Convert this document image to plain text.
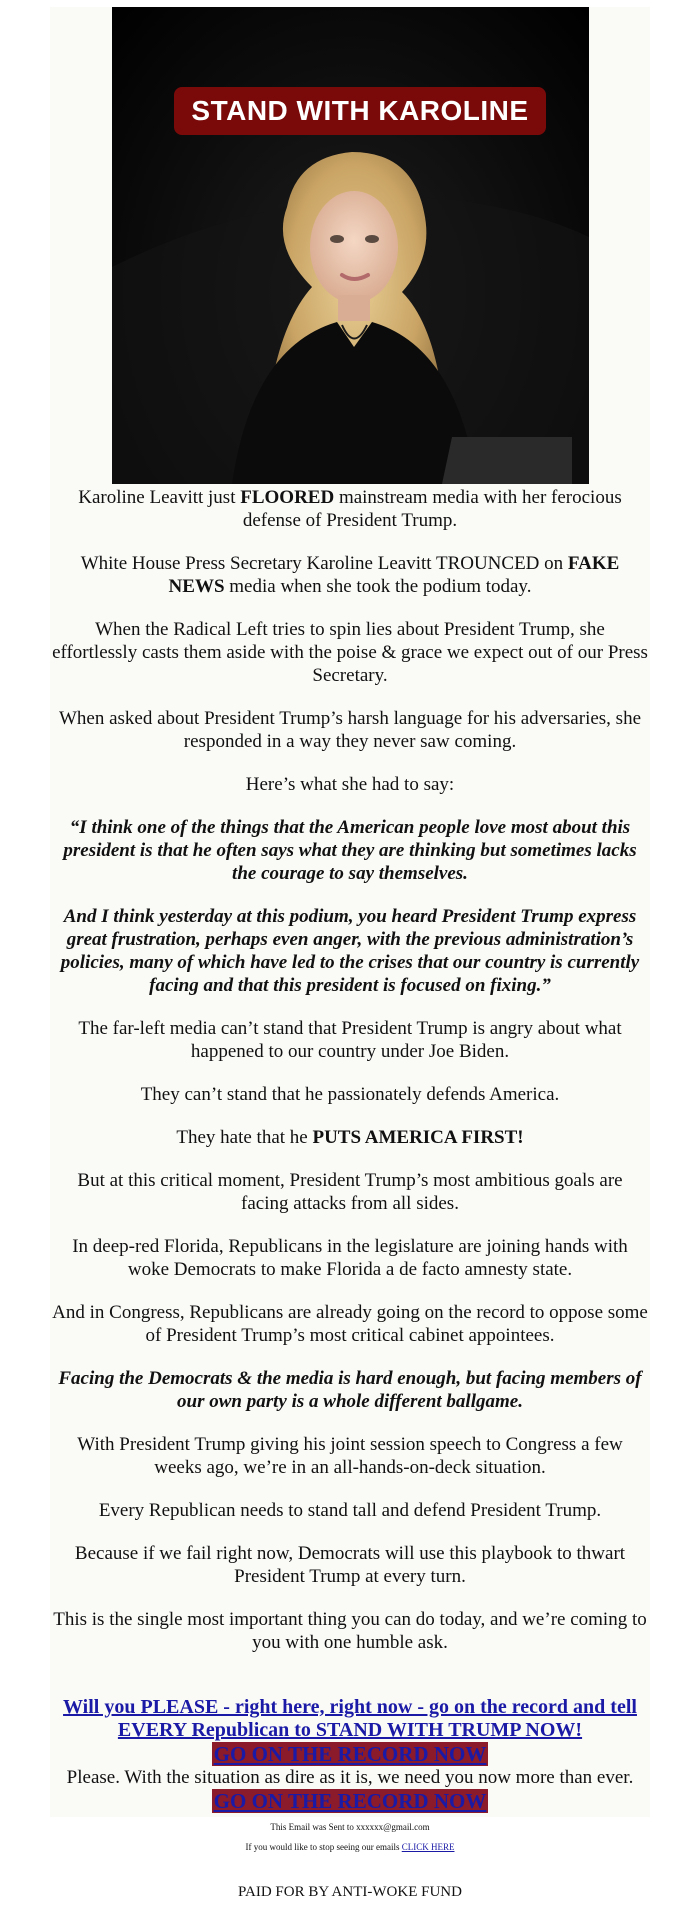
STAND WITH KAROLINE

Karoline Leavitt just FLOORED mainstream media with her ferocious defense of President Trump.

White House Press Secretary Karoline Leavitt TROUNCED on FAKE NEWS media when she took the podium today.

When the Radical Left tries to spin lies about President Trump, she effortlessly casts them aside with the poise & grace we expect out of our Press Secretary.

When asked about President Trump’s harsh language for his adversaries, she responded in a way they never saw coming.

Here’s what she had to say:

“I think one of the things that the American people love most about this president is that he often says what they are thinking but sometimes lacks the courage to say themselves.

And I think yesterday at this podium, you heard President Trump express great frustration, perhaps even anger, with the previous administration’s policies, many of which have led to the crises that our country is currently facing and that this president is focused on fixing.”

The far-left media can’t stand that President Trump is angry about what happened to our country under Joe Biden.

They can’t stand that he passionately defends America.

They hate that he PUTS AMERICA FIRST!

But at this critical moment, President Trump’s most ambitious goals are facing attacks from all sides.

In deep-red Florida, Republicans in the legislature are joining hands with woke Democrats to make Florida a de facto amnesty state.

And in Congress, Republicans are already going on the record to oppose some of President Trump’s most critical cabinet appointees.

Facing the Democrats & the media is hard enough, but facing members of our own party is a whole different ballgame.

With President Trump giving his joint session speech to Congress a few weeks ago, we’re in an all-hands-on-deck situation.

Every Republican needs to stand tall and defend President Trump.

Because if we fail right now, Democrats will use this playbook to thwart President Trump at every turn.

This is the single most important thing you can do today, and we’re coming to you with one humble ask.

Will you PLEASE - right here, right now - go on the record and tell EVERY Republican to STAND WITH TRUMP NOW!
GO ON THE RECORD NOW

Please. With the situation as dire as it is, we need you now more than ever.

GO ON THE RECORD NOW
This Email was Sent to xxxxxx@gmail.com
If you would like to stop seeing our emails CLICK HERE
PAID FOR BY ANTI-WOKE FUND
